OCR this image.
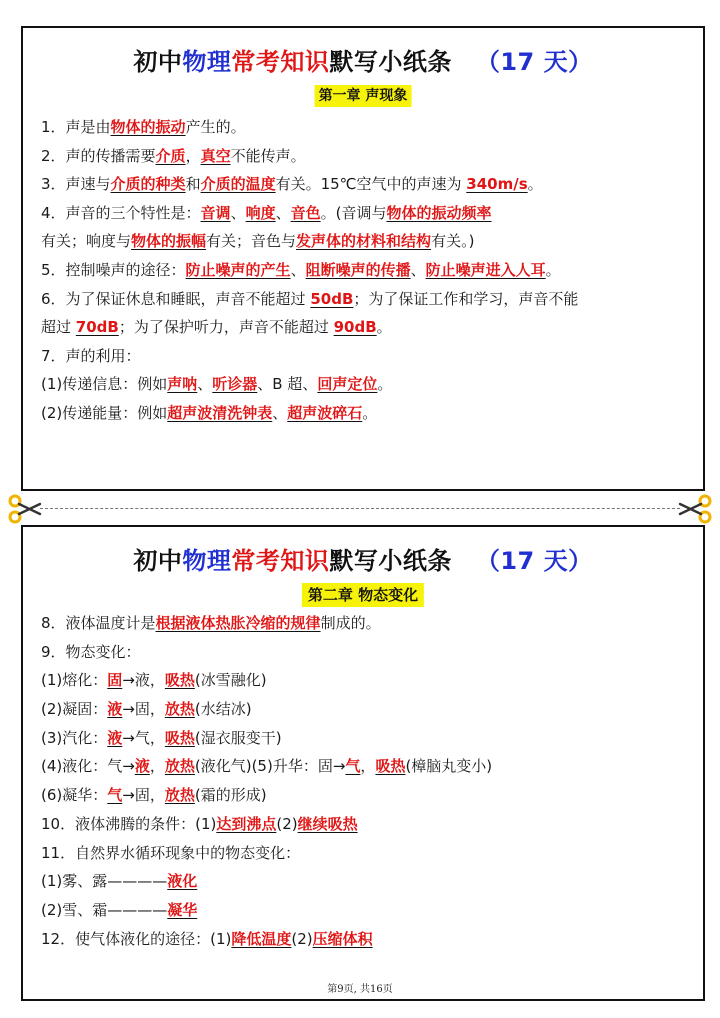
初中物理常考知识默写小纸条 （17 天）
第一章 声现象
1．声是由物体的振动产生的。
2．声的传播需要介质，真空不能传声。
3．声速与介质的种类和介质的温度有关。15℃空气中的声速为 340m/s。
4．声音的三个特性是：音调、响度、音色。(音调与物体的振动频率
有关；响度与物体的振幅有关；音色与发声体的材料和结构有关。)
5．控制噪声的途径：防止噪声的产生、阻断噪声的传播、防止噪声进入人耳。
6．为了保证休息和睡眠，声音不能超过 50dB；为了保证工作和学习，声音不能
超过 70dB；为了保护听力，声音不能超过 90dB。
7．声的利用：
(1)传递信息：例如声呐、听诊器、B 超、回声定位。
(2)传递能量：例如超声波清洗钟表、超声波碎石。
初中物理常考知识默写小纸条 （17 天）
第二章 物态变化
8．液体温度计是根据液体热胀冷缩的规律制成的。
9．物态变化：
(1)熔化：固→液，吸热(冰雪融化)
(2)凝固：液→固，放热(水结冰)
(3)汽化：液→气，吸热(湿衣服变干)
(4)液化：气→液，放热(液化气)(5)升华：固→气，吸热(樟脑丸变小)
(6)凝华：气→固，放热(霜的形成)
10．液体沸腾的条件：(1)达到沸点(2)继续吸热
11．自然界水循环现象中的物态变化：
(1)雾、露————液化
(2)雪、霜————凝华
12．使气体液化的途径：(1)降低温度(2)压缩体积
第9页, 共16页
